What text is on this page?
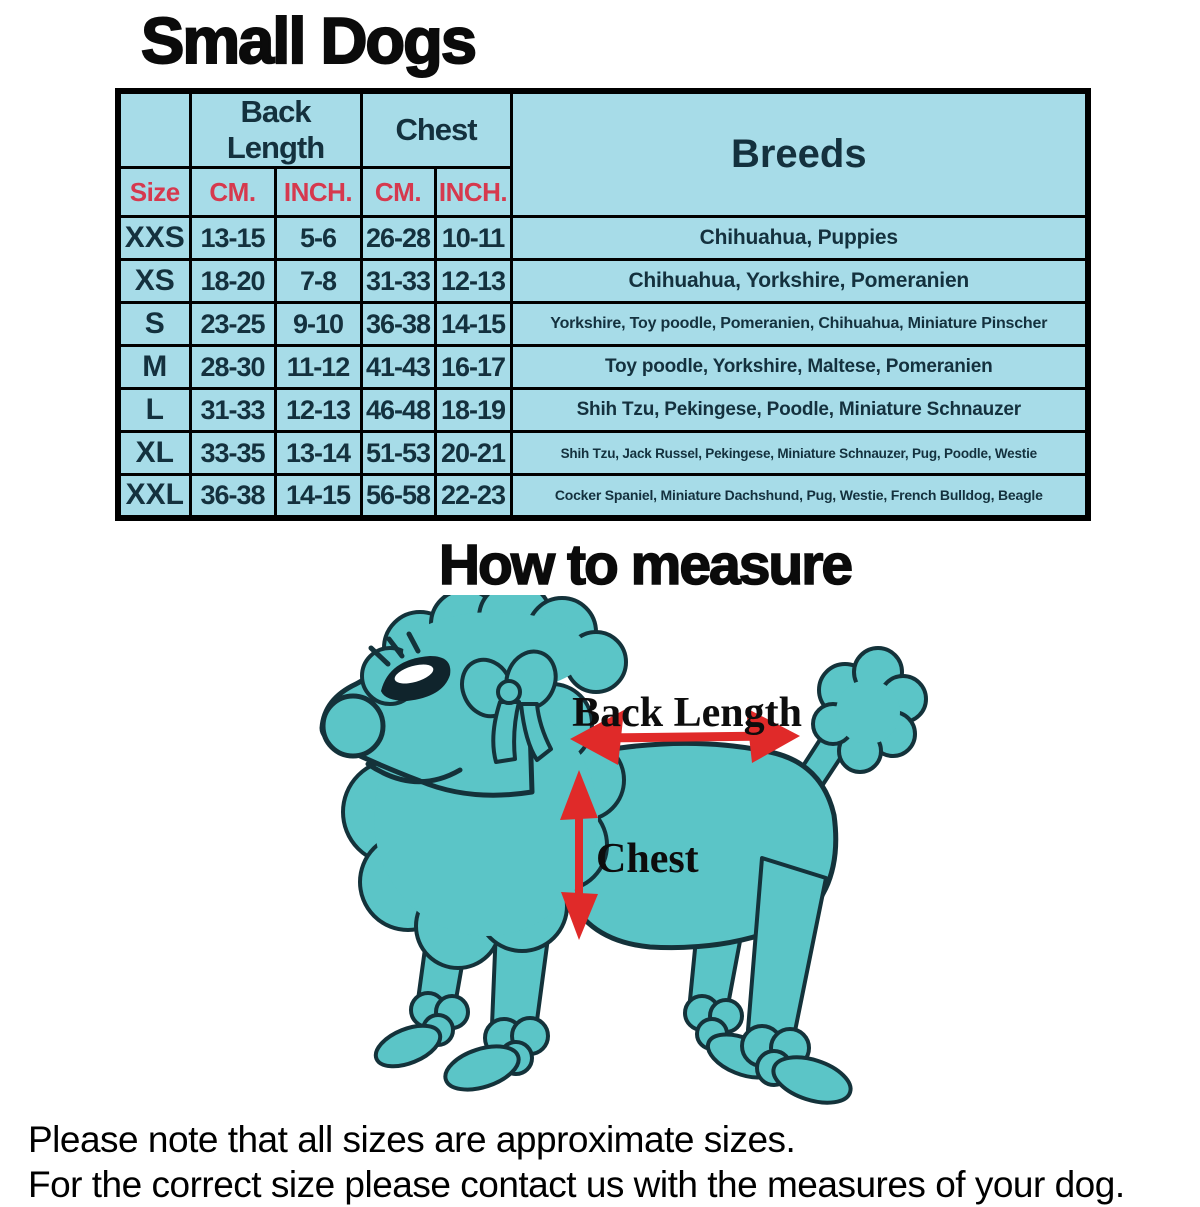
Small Dogs
	Back Length		Chest		Breeds
Size	CM.	INCH.	CM.	INCH.	
XXS	13-15	5-6	26-28	10-11	Chihuahua, Puppies
XS	18-20	7-8	31-33	12-13	Chihuahua, Yorkshire, Pomeranien
S	23-25	9-10	36-38	14-15	Yorkshire, Toy poodle, Pomeranien, Chihuahua, Miniature Pinscher
M	28-30	11-12	41-43	16-17	Toy poodle, Yorkshire, Maltese, Pomeranien
L	31-33	12-13	46-48	18-19	Shih Tzu, Pekingese, Poodle, Miniature Schnauzer
XL	33-35	13-14	51-53	20-21	Shih Tzu, Jack Russel, Pekingese, Miniature Schnauzer, Pug, Poodle, Westie
XXL	36-38	14-15	56-58	22-23	Cocker Spaniel, Miniature Dachshund, Pug, Westie, French Bulldog, Beagle
How to measure
Back Length
Chest
Please note that all sizes are approximate sizes.
For the correct size please contact us with the measures of your dog.
